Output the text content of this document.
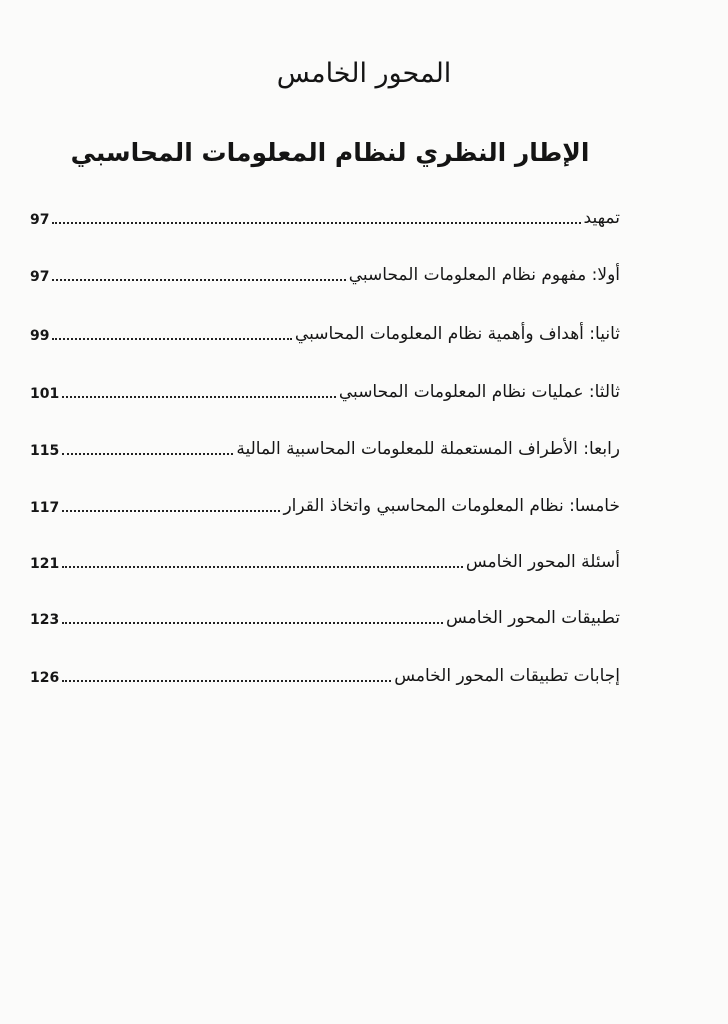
المحور الخامس
الإطار النظري لنظام المعلومات المحاسبي
تمهيد
97
أولا: مفهوم نظام المعلومات المحاسبي
97
ثانيا: أهداف وأهمية نظام المعلومات المحاسبي
99
ثالثا: عمليات نظام المعلومات المحاسبي
101
رابعا: الأطراف المستعملة للمعلومات المحاسبية المالية
115
خامسا: نظام المعلومات المحاسبي واتخاذ القرار
117
أسئلة المحور الخامس
121
تطبيقات المحور الخامس
123
إجابات تطبيقات المحور الخامس
126
